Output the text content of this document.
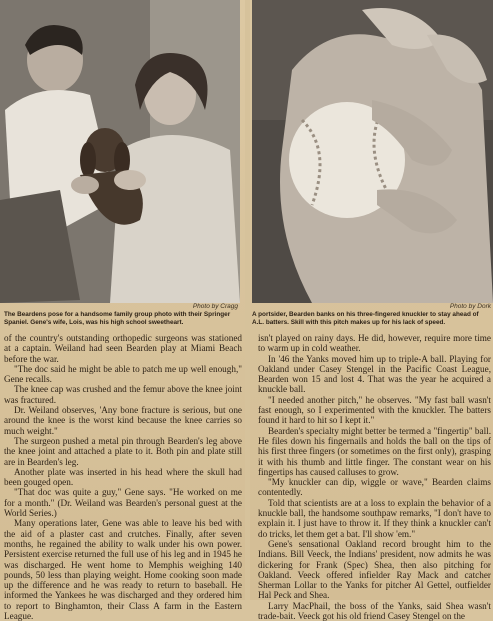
Photo by Cragg	Photo by Dork
The Beardens pose for a handsome family group photo with their Springer Spaniel. Gene's wife, Lois, was his high school sweetheart.
A portsider, Bearden banks on his three-fingered knuckler to stay ahead of A.L. batters. Skill with this pitch makes up for his lack of speed.

of the country's outstanding orthopedic surgeons was stationed at a captain. Weiland had seen Bearden play at Miami Beach before the war.

"The doc said he might be able to patch me up well enough," Gene recalls.

The knee cap was crushed and the femur above the knee joint was fractured.

Dr. Weiland observes, 'Any bone fracture is serious, but one around the knee is the worst kind because the knee carries so much weight."

The surgeon pushed a metal pin through Bearden's leg above the knee joint and attached a plate to it. Both pin and plate still are in Bearden's leg.

Another plate was inserted in his head where the skull had been gouged open.

"That doc was quite a guy," Gene says. "He worked on me for a month." (Dr. Weiland was Bearden's personal guest at the World Series.)

Many operations later, Gene was able to leave his bed with the aid of a plaster cast and crutches. Finally, after seven months, he regained the ability to walk under his own power. Persistent exercise returned the full use of his leg and in 1945 he was discharged. He went home to Memphis weighing 140 pounds, 50 less than playing weight. Home cooking soon made up the difference and he was ready to return to baseball. He informed the Yankees he was discharged and they ordered him to report to Binghamton, their Class A farm in the Eastern League.

isn't played on rainy days. He did, however, require more time to warm up in cold weather.

In '46 the Yanks moved him up to triple-A ball. Playing for Oakland under Casey Stengel in the Pacific Coast League, Bearden won 15 and lost 4. That was the year he acquired a knuckle ball.

"I needed another pitch," he observes. "My fast ball wasn't fast enough, so I experimented with the knuckler. The batters found it hard to hit so I kept it."

Bearden's specialty might better be termed a "fingertip" ball. He files down his fingernails and holds the ball on the tips of his first three fingers (or sometimes on the first only), grasping it with his thumb and little finger. The constant wear on his fingertips has caused calluses to grow.

"My knuckler can dip, wiggle or wave," Bearden claims contentedly.

Told that scientists are at a loss to explain the behavior of a knuckle ball, the handsome southpaw remarks, "I don't have to explain it. I just have to throw it. If they think a knuckler can't do tricks, let them get a bat. I'll show 'em."

Gene's sensational Oakland record brought him to the Indians. Bill Veeck, the Indians' president, now admits he was dickering for Frank (Spec) Shea, then also pitching for Oakland. Veeck offered infielder Ray Mack and catcher Sherman Lollar to the Yanks for pitcher Al Gettel, outfielder Hal Peck and Shea.

Larry MacPhail, the boss of the Yanks, said Shea wasn't trade-bait. Veeck got his old friend Casey Stengel on the
